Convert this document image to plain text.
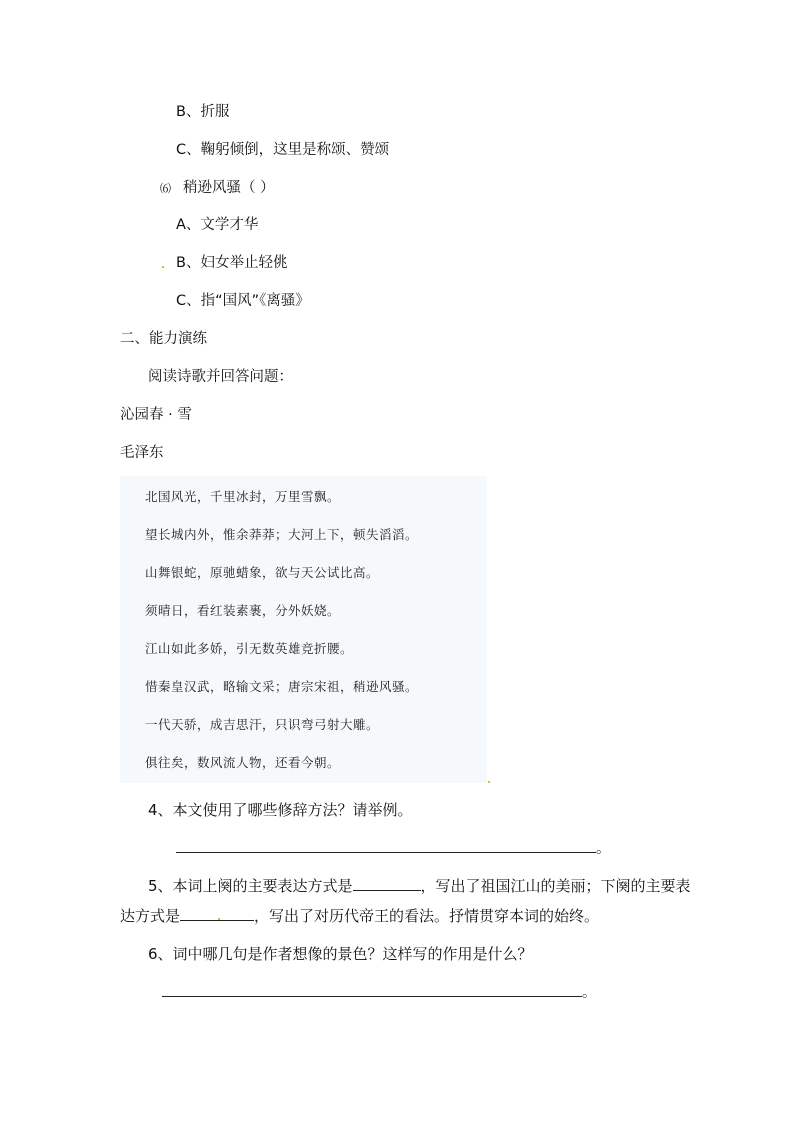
B、折服
C、鞠躬倾倒，这里是称颂、赞颂
⑹ 稍逊风骚（ ）
A、文学才华
B、妇女举止轻佻
C、指“国风”《离骚》
二、能力演练
阅读诗歌并回答问题：
沁园春 · 雪
毛泽东
北国风光，千里冰封，万里雪飘。
望长城内外，惟余莽莽；大河上下，顿失滔滔。
山舞银蛇，原驰蜡象，欲与天公试比高。
须晴日，看红装素裹，分外妖娆。
江山如此多娇，引无数英雄竞折腰。
惜秦皇汉武，略输文采；唐宗宋祖，稍逊风骚。
一代天骄，成吉思汗，只识弯弓射大雕。
俱往矣，数风流人物，还看今朝。
4、本文使用了哪些修辞方法？请举例。
。
5、本词上阕的主要表达方式是	，写出了祖国江山的美丽；下阕的主要表
达方式是	，写出了对历代帝王的看法。抒情贯穿本词的始终。
6、词中哪几句是作者想像的景色？这样写的作用是什么？
。
